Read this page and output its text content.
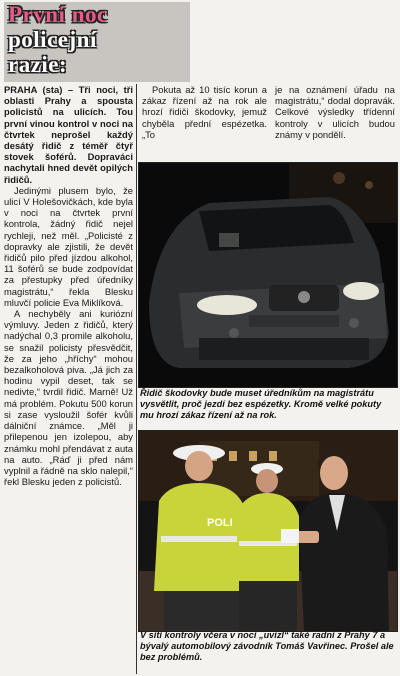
První noc
policejní
razie:

PRAHA (sta) – Tři noci, tři oblasti Prahy a spousta policistů na ulicích. Tou první vinou kontrol v noci na čtvrtek neprošel každý desátý řidič z téměř čtyř stovek šoférů. Dopraváci nachytali hned devět opilých řidičů.

Jedinými plusem bylo, že ulicí V Holešovičkách, kde byla v noci na čtvrtek první kontrola, žádný řidič nejel rychleji, než měl. „Policisté z dopravky ale zjistili, že devět řidičů pilo před jízdou alkohol, 11 šoférů se bude zodpovídat za přestupky před úředníky magistrátu,“ řekla Blesku mluvčí policie Eva Miklíková.

A nechyběly ani kuriózní výmluvy. Jeden z řidičů, který nadýchal 0,3 promile alkoholu, se snažil policisty přesvědčit, že za jeho „hříchy“ mohou bezalkoholová piva. „Já jich za hodinu vypil deset, tak se nedivte,“ tvrdil řidič. Marně! Už má problém. Pokutu 500 korun si zase vysloužil šofér kvůli dálniční známce. „Měl ji přilepenou jen izolepou, aby známku mohl přendávat z auta na auto. „Ráď ji před nám vyplnil a řádně na sklo nalepil,“ řekl Blesku jeden z policistů.

Pokuta až 10 tisíc korun a zákaz řízení až na rok ale hrozí řidiči škodovky, jemuž chyběla přední espézetka. „To

je na oznámení úřadu na magistrátu,“ dodal dopravák. Celkové výsledky třídenní kontroly v ulicích budou známy v pondělí.

Řidič škodovky bude muset úředníkům na magistrátu vysvětlit, proč jezdí bez espézetky. Kromě velké pokuty mu hrozí zákaz řízení až na rok.
POLI
V síti kontroly včera v noci „uvízl“ také radní z Prahy 7 a bývalý automobilový závodník Tomáš Vavřinec. Prošel ale bez problémů.
